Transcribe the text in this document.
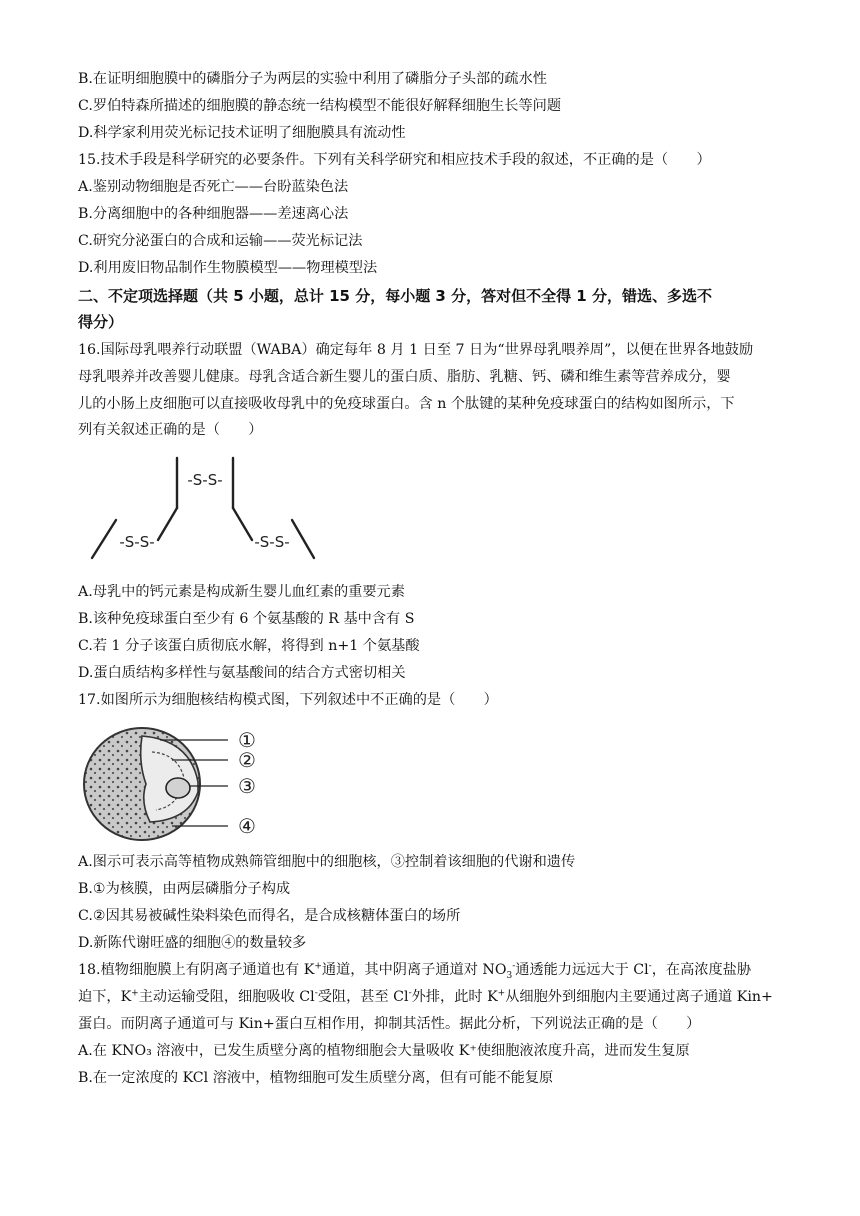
B.在证明细胞膜中的磷脂分子为两层的实验中利用了磷脂分子头部的疏水性
C.罗伯特森所描述的细胞膜的静态统一结构模型不能很好解释细胞生长等问题
D.科学家利用荧光标记技术证明了细胞膜具有流动性
15.技术手段是科学研究的必要条件。下列有关科学研究和相应技术手段的叙述，不正确的是（　　）
A.鉴别动物细胞是否死亡——台盼蓝染色法
B.分离细胞中的各种细胞器——差速离心法
C.研究分泌蛋白的合成和运输——荧光标记法
D.利用废旧物品制作生物膜模型——物理模型法
二、不定项选择题（共 5 小题，总计 15 分，每小题 3 分，答对但不全得 1 分，错选、多选不
得分）
16.国际母乳喂养行动联盟（WABA）确定每年 8 月 1 日至 7 日为“世界母乳喂养周”，以便在世界各地鼓励
母乳喂养并改善婴儿健康。母乳含适合新生婴儿的蛋白质、脂肪、乳糖、钙、磷和维生素等营养成分，婴
儿的小肠上皮细胞可以直接吸收母乳中的免疫球蛋白。含 n 个肽键的某种免疫球蛋白的结构如图所示，下
列有关叙述正确的是（　　）
-S-S-
-S-S-	-S-S-
A.母乳中的钙元素是构成新生婴儿血红素的重要元素
B.该种免疫球蛋白至少有 6 个氨基酸的 R 基中含有 S
C.若 1 分子该蛋白质彻底水解，将得到 n+1 个氨基酸
D.蛋白质结构多样性与氨基酸间的结合方式密切相关
17.如图所示为细胞核结构模式图，下列叙述中不正确的是（　　）
①
②
③
④
A.图示可表示高等植物成熟筛管细胞中的细胞核，③控制着该细胞的代谢和遗传
B.①为核膜，由两层磷脂分子构成
C.②因其易被碱性染料染色而得名，是合成核糖体蛋白的场所
D.新陈代谢旺盛的细胞④的数量较多
18.植物细胞膜上有阴离子通道也有 K+通道，其中阴离子通道对 $NO_3^-$通透能力远远大于 Cl-，在高浓度盐胁
迫下，K+主动运输受阻，细胞吸收 Cl-受阻，甚至 Cl-外排，此时 K+从细胞外到细胞内主要通过离子通道 Kin+
蛋白。而阴离子通道可与 Kin+蛋白互相作用，抑制其活性。据此分析，下列说法正确的是（　　）
A.在 KNO₃ 溶液中，已发生质壁分离的植物细胞会大量吸收 K⁺使细胞液浓度升高，进而发生复原
B.在一定浓度的 KCl 溶液中，植物细胞可发生质壁分离，但有可能不能复原
